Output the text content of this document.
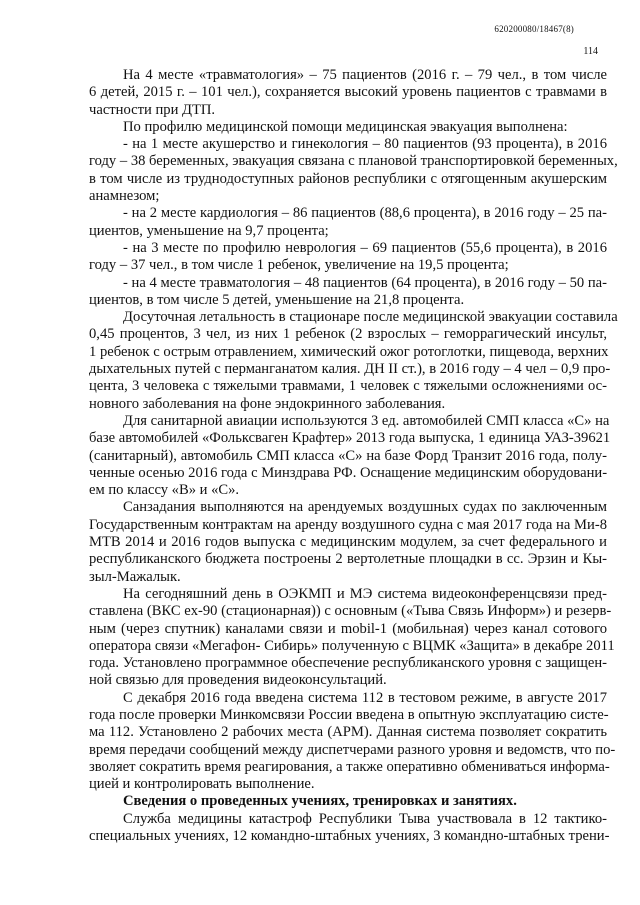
620200080/18467(8)
114
На 4 месте «травматология» – 75 пациентов (2016 г. – 79 чел., в том числе
6 детей, 2015 г. – 101 чел.), сохраняется высокий уровень пациентов с травмами в
частности при ДТП.
По профилю медицинской помощи медицинская эвакуация выполнена:
- на 1 месте акушерство и гинекология – 80 пациентов (93 процента), в 2016
году – 38 беременных, эвакуация связана с плановой транспортировкой беременных,
в том числе из труднодоступных районов республики с отягощенным акушерским
анамнезом;
- на 2 месте кардиология – 86 пациентов (88,6 процента), в 2016 году – 25 па-
циентов, уменьшение на 9,7 процента;
- на 3 месте по профилю неврология – 69 пациентов (55,6 процента), в 2016
году – 37 чел., в том числе 1 ребенок, увеличение на 19,5 процента;
- на 4 месте травматология – 48 пациентов (64 процента), в 2016 году – 50 па-
циентов, в том числе 5 детей, уменьшение на 21,8 процента.
Досуточная летальность в стационаре после медицинской эвакуации составила
0,45 процентов, 3 чел, из них 1 ребенок (2 взрослых – геморрагический инсульт,
1 ребенок с острым отравлением, химический ожог ротоглотки, пищевода, верхних
дыхательных путей с перманганатом калия. ДН II ст.), в 2016 году – 4 чел – 0,9 про-
цента, 3 человека с тяжелыми травмами, 1 человек с тяжелыми осложнениями ос-
новного заболевания на фоне эндокринного заболевания.
Для санитарной авиации используются 3 ед. автомобилей СМП класса «С» на
базе автомобилей «Фольксваген Крафтер» 2013 года выпуска, 1 единица УАЗ-39621
(санитарный), автомобиль СМП класса «С» на базе Форд Транзит 2016 года, полу-
ченные осенью 2016 года с Минздрава РФ. Оснащение медицинским оборудовани-
ем по классу «В» и «С».
Санзадания выполняются на арендуемых воздушных судах по заключенным
Государственным контрактам на аренду воздушного судна с мая 2017 года на Ми-8
МТВ 2014 и 2016 годов выпуска с медицинским модулем, за счет федерального и
республиканского бюджета построены 2 вертолетные площадки в сс. Эрзин и Кы-
зыл-Мажалык.
На сегодняшний день в ОЭКМП и МЭ система видеоконференцсвязи пред-
ставлена (ВКС ex-90 (стационарная)) с основным («Тыва Связь Информ») и резерв-
ным (через спутник) каналами связи и mobil-1 (мобильная) через канал сотового
оператора связи «Мегафон- Сибирь» полученную с ВЦМК «Защита» в декабре 2011
года. Установлено программное обеспечение республиканского уровня с защищен-
ной связью для проведения видеоконсультаций.
С декабря 2016 года введена система 112 в тестовом режиме, в августе 2017
года после проверки Минкомсвязи России введена в опытную эксплуатацию систе-
ма 112. Установлено 2 рабочих места (АРМ). Данная система позволяет сократить
время передачи сообщений между диспетчерами разного уровня и ведомств, что по-
зволяет сократить время реагирования, а также оперативно обмениваться информа-
цией и контролировать выполнение.
Сведения о проведенных учениях, тренировках и занятиях.
Служба медицины катастроф Республики Тыва участвовала в 12 тактико-
специальных учениях, 12 командно-штабных учениях, 3 командно-штабных трени-
